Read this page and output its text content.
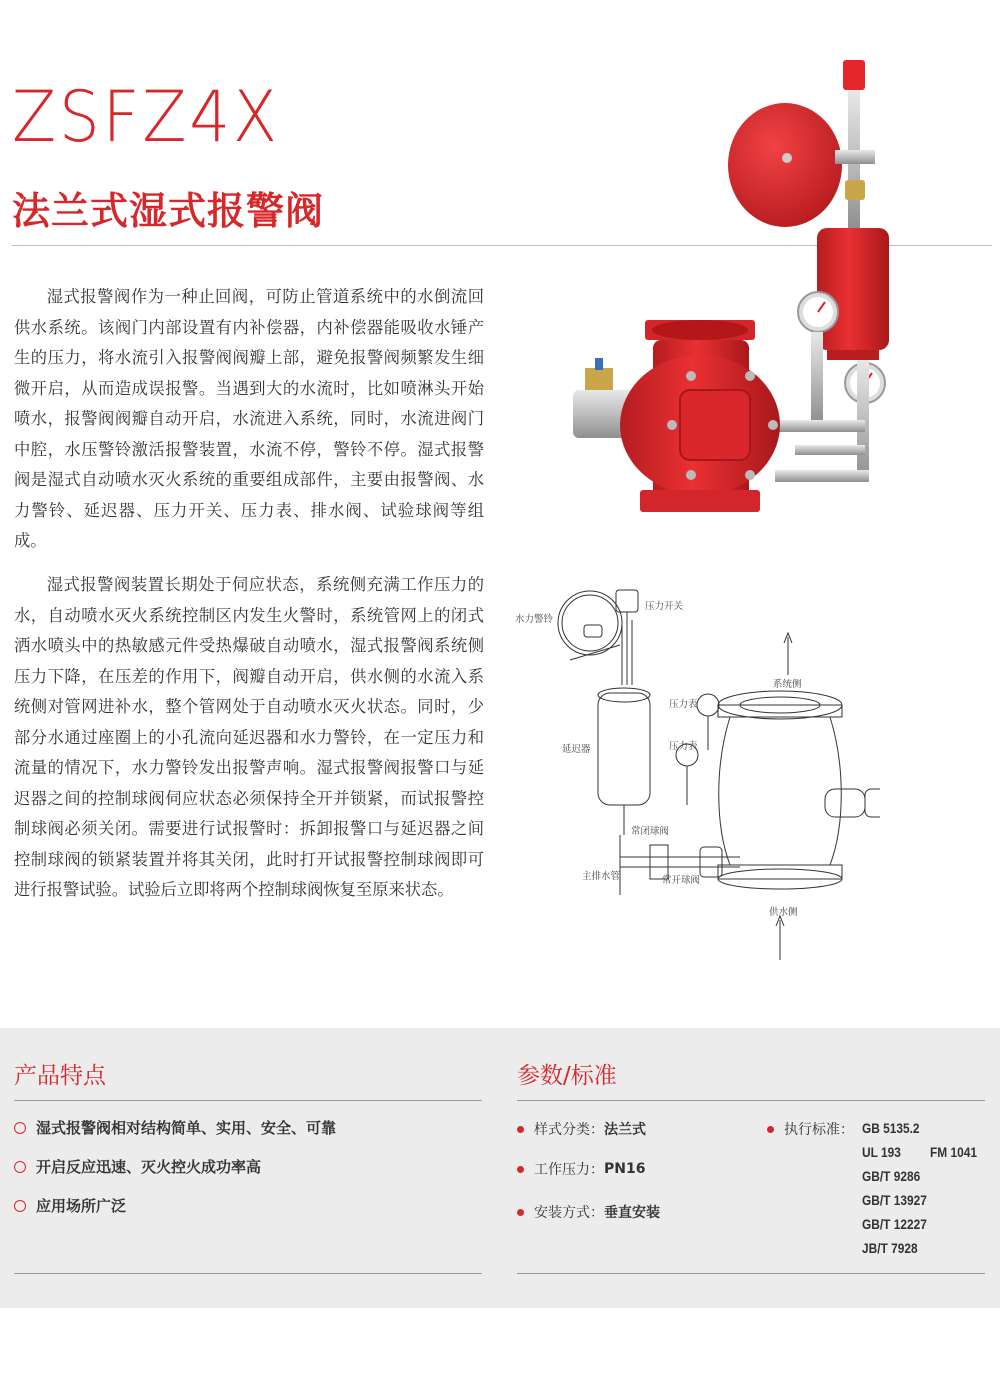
ZSFZ4X
法兰式湿式报警阀

湿式报警阀作为一种止回阀，可防止管道系统中的水倒流回供水系统。该阀门内部设置有内补偿器，内补偿器能吸收水锤产生的压力，将水流引入报警阀阀瓣上部，避免报警阀频繁发生细微开启，从而造成误报警。当遇到大的水流时，比如喷淋头开始喷水，报警阀阀瓣自动开启，水流进入系统，同时，水流进阀门中腔，水压警铃激活报警装置，水流不停，警铃不停。湿式报警阀是湿式自动喷水灭火系统的重要组成部件，主要由报警阀、水力警铃、延迟器、压力开关、压力表、排水阀、试验球阀等组成。

湿式报警阀装置长期处于伺应状态，系统侧充满工作压力的水，自动喷水灭火系统控制区内发生火警时，系统管网上的闭式洒水喷头中的热敏感元件受热爆破自动喷水，湿式报警阀系统侧压力下降，在压差的作用下，阀瓣自动开启，供水侧的水流入系统侧对管网进补水，整个管网处于自动喷水灭火状态。同时，少部分水通过座圈上的小孔流向延迟器和水力警铃，在一定压力和流量的情况下，水力警铃发出报警声响。湿式报警阀报警口与延迟器之间的控制球阀伺应状态必须保持全开并锁紧，而试报警控制球阀必须关闭。需要进行试报警时：拆卸报警口与延迟器之间控制球阀的锁紧装置并将其关闭，此时打开试报警控制球阀即可进行报警试验。试验后立即将两个控制球阀恢复至原来状态。

水力警铃
压力开关
系统侧
压力表
压力表
延迟器
常闭球阀
主排水管	常开球阀
供水侧
产品特点
湿式报警阀相对结构简单、实用、安全、可靠
开启反应迅速、灭火控火成功率高
应用场所广泛
参数/标准
样式分类： 法兰式
工作压力： PN16
安装方式： 垂直安装
执行标准： GB 5135.2
UL 193 FM 1041
GB/T 9286
GB/T 13927
GB/T 12227
JB/T 7928
